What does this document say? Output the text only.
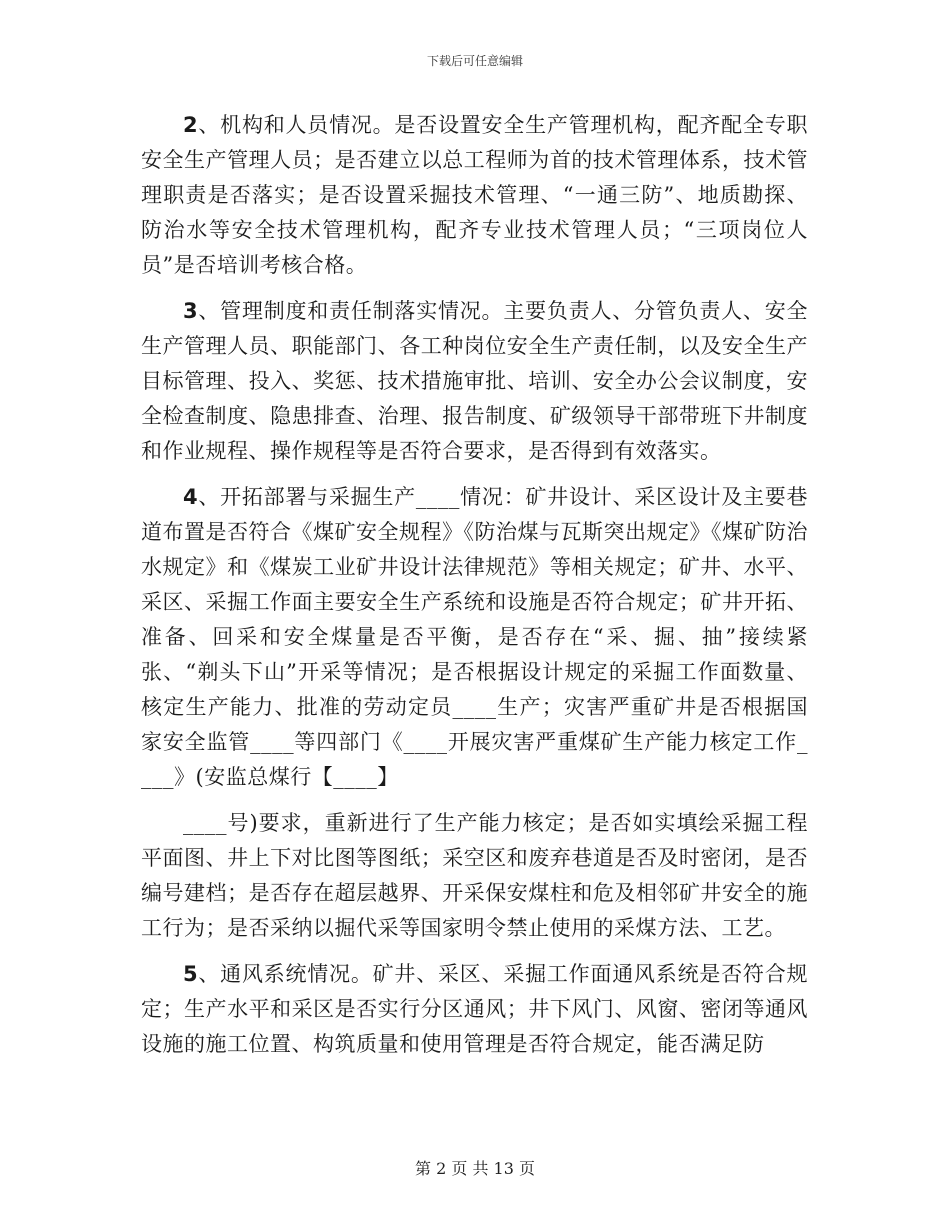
下载后可任意编辑

2、机构和人员情况。是否设置安全生产管理机构，配齐配全专职安全生产管理人员；是否建立以总工程师为首的技术管理体系，技术管理职责是否落实；是否设置采掘技术管理、“一通三防”、地质勘探、防治水等安全技术管理机构，配齐专业技术管理人员；“三项岗位人员”是否培训考核合格。

3、管理制度和责任制落实情况。主要负责人、分管负责人、安全生产管理人员、职能部门、各工种岗位安全生产责任制，以及安全生产目标管理、投入、奖惩、技术措施审批、培训、安全办公会议制度，安全检查制度、隐患排查、治理、报告制度、矿级领导干部带班下井制度和作业规程、操作规程等是否符合要求，是否得到有效落实。

4、开拓部署与采掘生产____情况：矿井设计、采区设计及主要巷道布置是否符合《煤矿安全规程》《防治煤与瓦斯突出规定》《煤矿防治水规定》和《煤炭工业矿井设计法律规范》等相关规定；矿井、水平、采区、采掘工作面主要安全生产系统和设施是否符合规定；矿井开拓、准备、回采和安全煤量是否平衡，是否存在“采、掘、抽”接续紧张、“剃头下山”开采等情况；是否根据设计规定的采掘工作面数量、核定生产能力、批准的劳动定员____生产；灾害严重矿井是否根据国家安全监管____等四部门《____开展灾害严重煤矿生产能力核定工作____》(安监总煤行【____】

____号)要求，重新进行了生产能力核定；是否如实填绘采掘工程平面图、井上下对比图等图纸；采空区和废弃巷道是否及时密闭，是否编号建档；是否存在超层越界、开采保安煤柱和危及相邻矿井安全的施工行为；是否采纳以掘代采等国家明令禁止使用的采煤方法、工艺。

5、通风系统情况。矿井、采区、采掘工作面通风系统是否符合规定；生产水平和采区是否实行分区通风；井下风门、风窗、密闭等通风设施的施工位置、构筑质量和使用管理是否符合规定，能否满足防

第 2 页 共 13 页
